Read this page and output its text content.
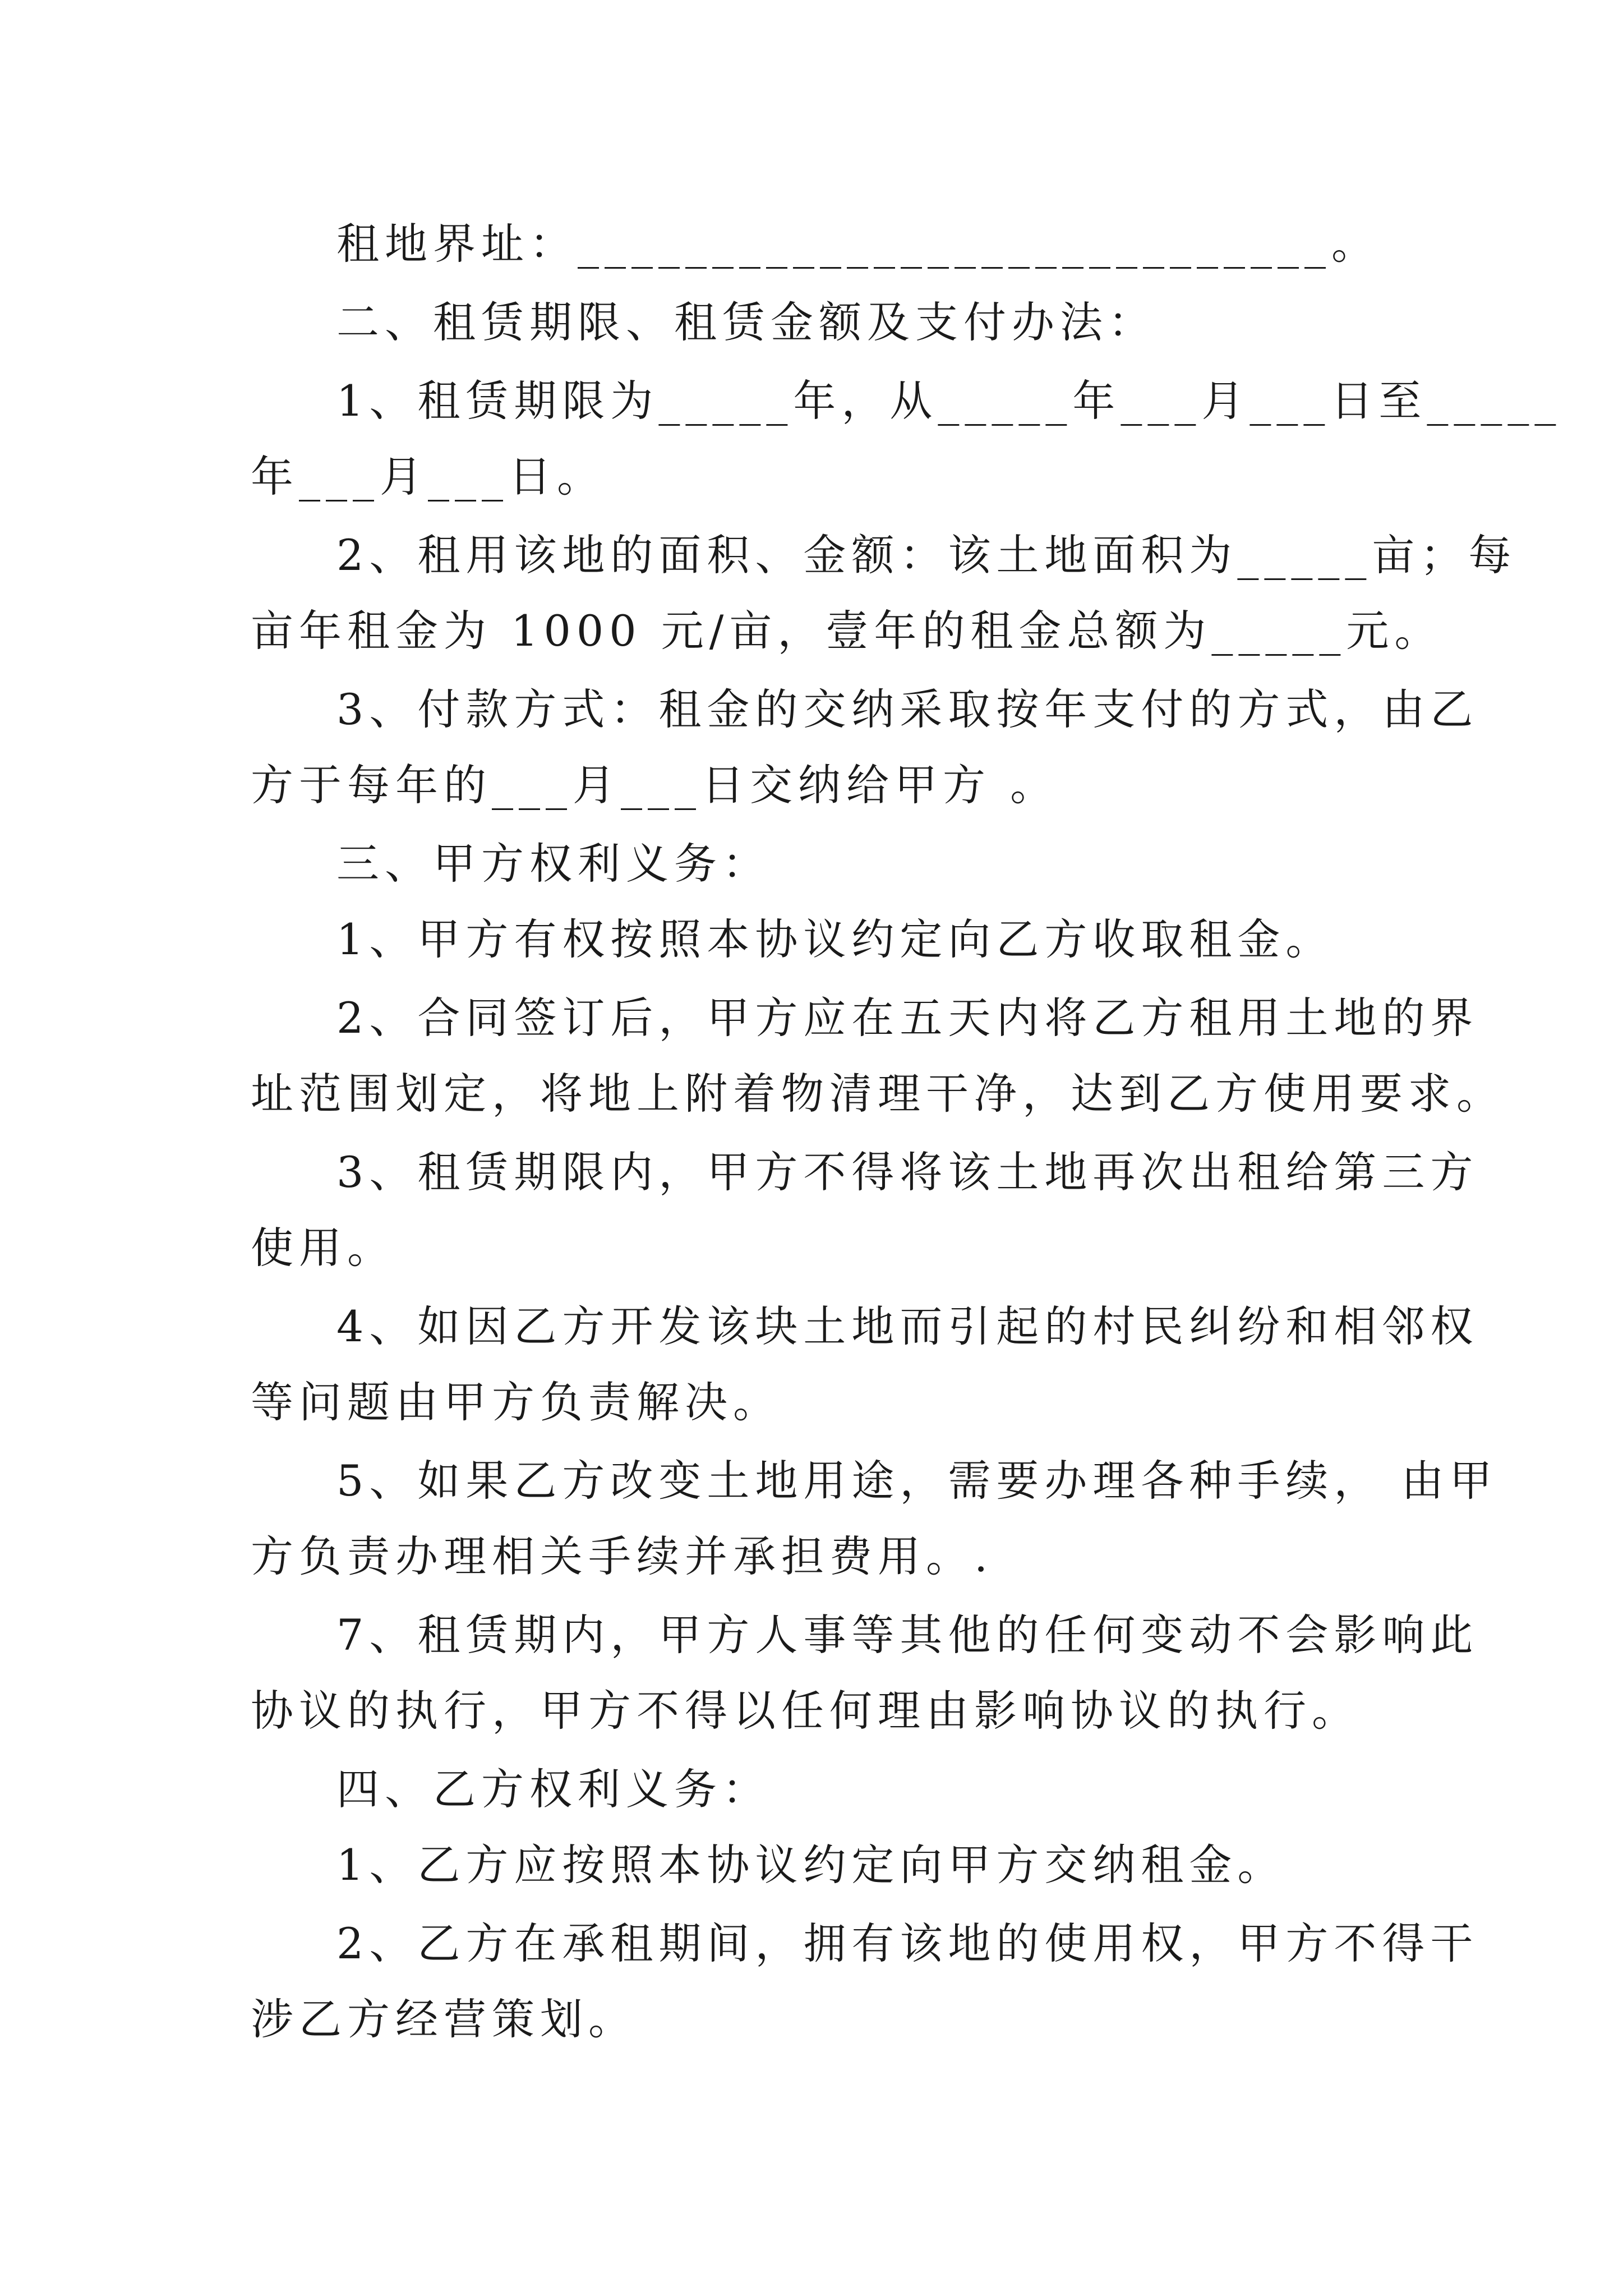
租地界址：____________________________。
二、租赁期限、租赁金额及支付办法：
1、租赁期限为_____年，从_____年___月___日至_____
年___月___日。
2、租用该地的面积、金额：该土地面积为_____亩；每
亩年租金为 1000 元/亩，壹年的租金总额为_____元。
3、付款方式：租金的交纳采取按年支付的方式，由乙
方于每年的___月___日交纳给甲方 。
三、甲方权利义务：
1、甲方有权按照本协议约定向乙方收取租金。
2、合同签订后，甲方应在五天内将乙方租用土地的界
址范围划定，将地上附着物清理干净，达到乙方使用要求。
3、租赁期限内，甲方不得将该土地再次出租给第三方
使用。
4、如因乙方开发该块土地而引起的村民纠纷和相邻权
等问题由甲方负责解决。
5、如果乙方改变土地用途，需要办理各种手续， 由甲
方负责办理相关手续并承担费用。.
7、租赁期内，甲方人事等其他的任何变动不会影响此
协议的执行，甲方不得以任何理由影响协议的执行。
四、乙方权利义务：
1、乙方应按照本协议约定向甲方交纳租金。
2、乙方在承租期间，拥有该地的使用权，甲方不得干
涉乙方经营策划。
